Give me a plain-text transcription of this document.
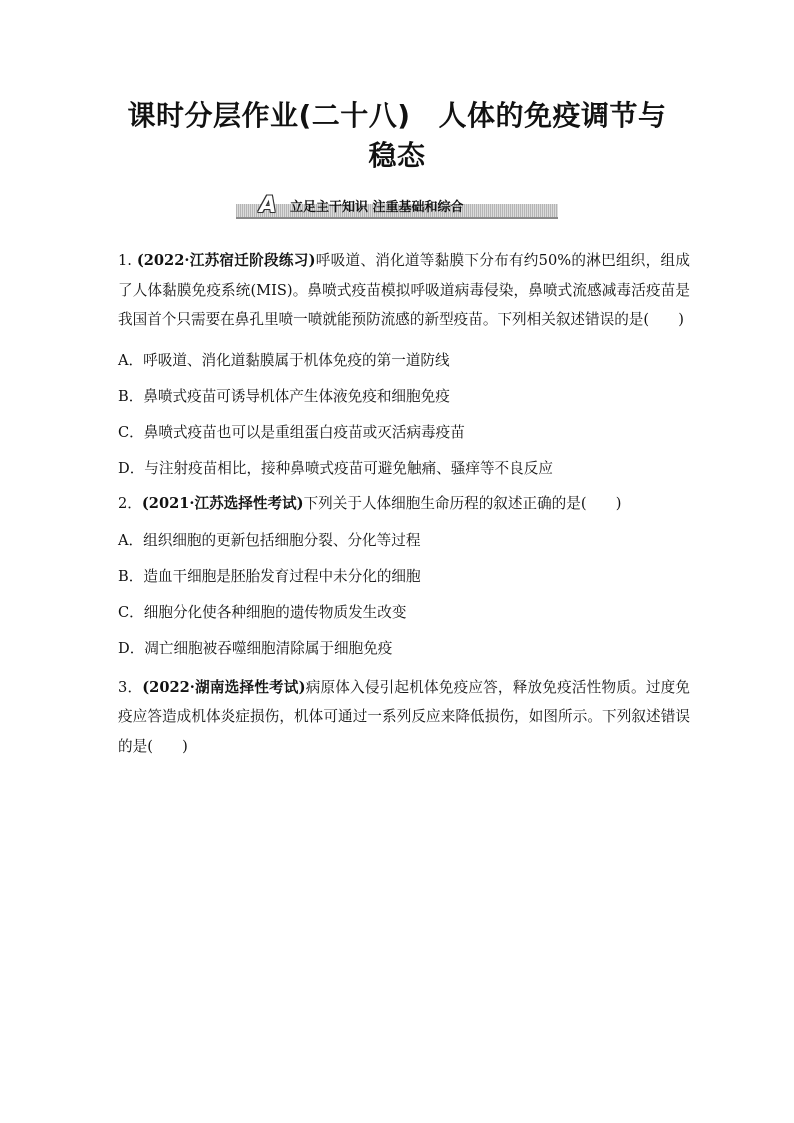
课时分层作业(二十八) 人体的免疫调节与
稳态
A 立足主干知识 注重基础和综合
1. (2022·江苏宿迁阶段练习)呼吸道、消化道等黏膜下分布有约50%的淋巴组织，组成了人体黏膜免疫系统(MIS)。鼻喷式疫苗模拟呼吸道病毒侵染，鼻喷式流感减毒活疫苗是我国首个只需要在鼻孔里喷一喷就能预防流感的新型疫苗。下列相关叙述错误的是(　　)
A．呼吸道、消化道黏膜属于机体免疫的第一道防线
B．鼻喷式疫苗可诱导机体产生体液免疫和细胞免疫
C．鼻喷式疫苗也可以是重组蛋白疫苗或灭活病毒疫苗
D．与注射疫苗相比，接种鼻喷式疫苗可避免触痛、骚痒等不良反应
2．(2021·江苏选择性考试)下列关于人体细胞生命历程的叙述正确的是(　　)
A．组织细胞的更新包括细胞分裂、分化等过程
B．造血干细胞是胚胎发育过程中未分化的细胞
C．细胞分化使各种细胞的遗传物质发生改变
D．凋亡细胞被吞噬细胞清除属于细胞免疫
3．(2022·湖南选择性考试)病原体入侵引起机体免疫应答，释放免疫活性物质。过度免疫应答造成机体炎症损伤，机体可通过一系列反应来降低损伤，如图所示。下列叙述错误的是(　　)
